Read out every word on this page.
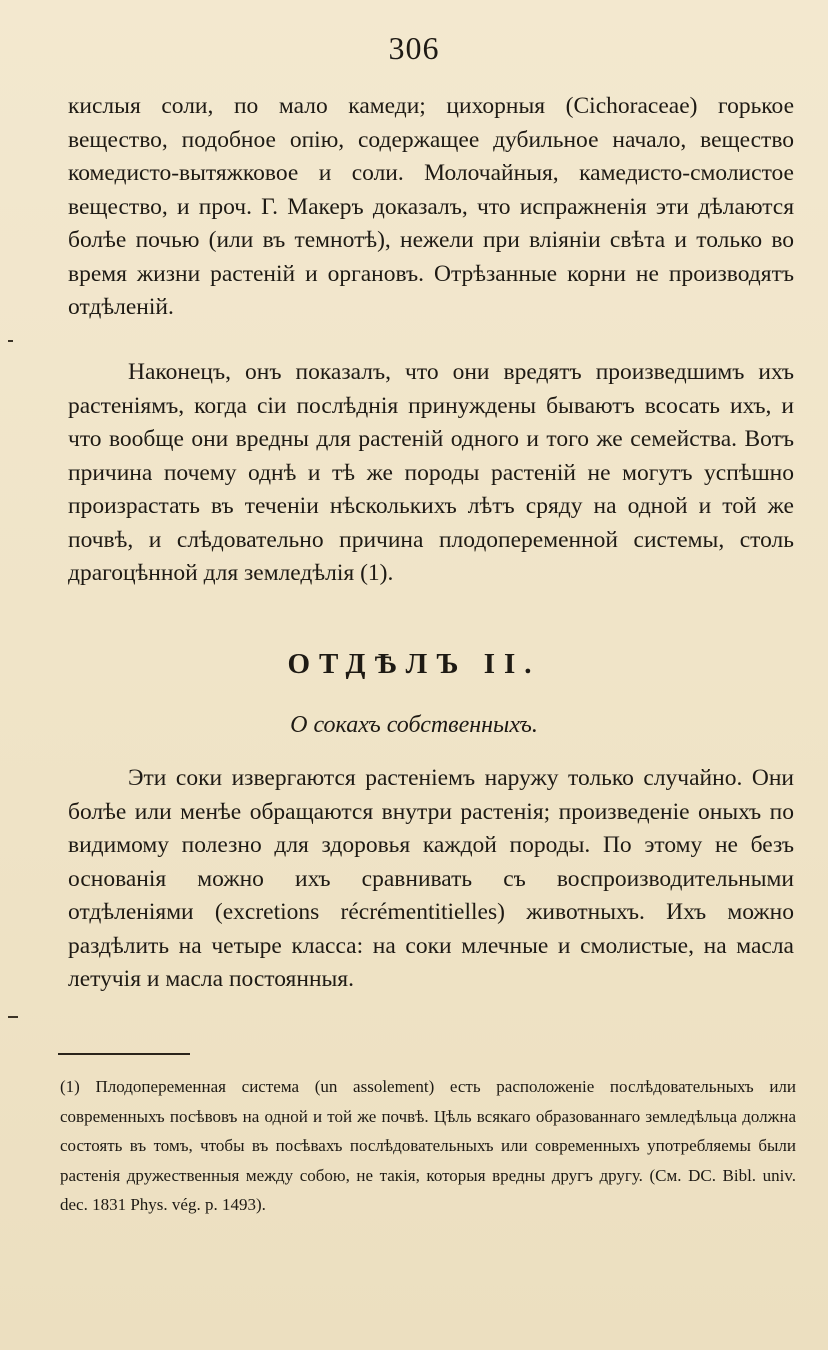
306

кислыя соли, по мало камеди; цихорныя (Cichoraceae) горькое вещество, подобное опію, содержащее дубильное начало, вещество комедисто-вытяжковое и соли. Молочайныя, камедисто-смолистое вещество, и проч. Г. Макеръ доказалъ, что испражненія эти дѣлаются болѣе почью (или въ темнотѣ), нежели при вліяніи свѣта и только во время жизни растеній и органовъ. Отрѣзанные корни не производятъ отдѣленій.

Наконецъ, онъ показалъ, что они вредятъ произведшимъ ихъ растеніямъ, когда сіи послѣднія принуждены бываютъ всосать ихъ, и что вообще они вредны для растеній одного и того же семейства. Вотъ причина почему однѣ и тѣ же породы растеній не могутъ успѣшно произрастать въ теченіи нѣсколькихъ лѣтъ сряду на одной и той же почвѣ, и слѣдовательно причина плодопеременной системы, столь драгоцѣнной для земледѣлія (1).

ОТДѢЛЪ II.
О сокахъ собственныхъ.

Эти соки извергаются растеніемъ наружу только случайно. Они болѣе или менѣе обращаются внутри растенія; произведеніе оныхъ по видимому полезно для здоровья каждой породы. По этому не безъ основанія можно ихъ сравнивать съ воспроизводительными отдѣленіями (excretions récrémentitielles) животныхъ. Ихъ можно раздѣлить на четыре класса: на соки млечные и смолистые, на масла летучія и масла постоянныя.

(1) Плодопеременная система (un assolement) есть расположеніе послѣдовательныхъ или современныхъ посѣвовъ на одной и той же почвѣ. Цѣль всякаго образованнаго земледѣльца должна состоять въ томъ, чтобы въ посѣвахъ послѣдовательныхъ или современныхъ употребляемы были растенія дружественныя между собою, не такія, которыя вредны другъ другу. (См. DC. Bibl. univ. dec. 1831 Phys. vég. p. 1493).
